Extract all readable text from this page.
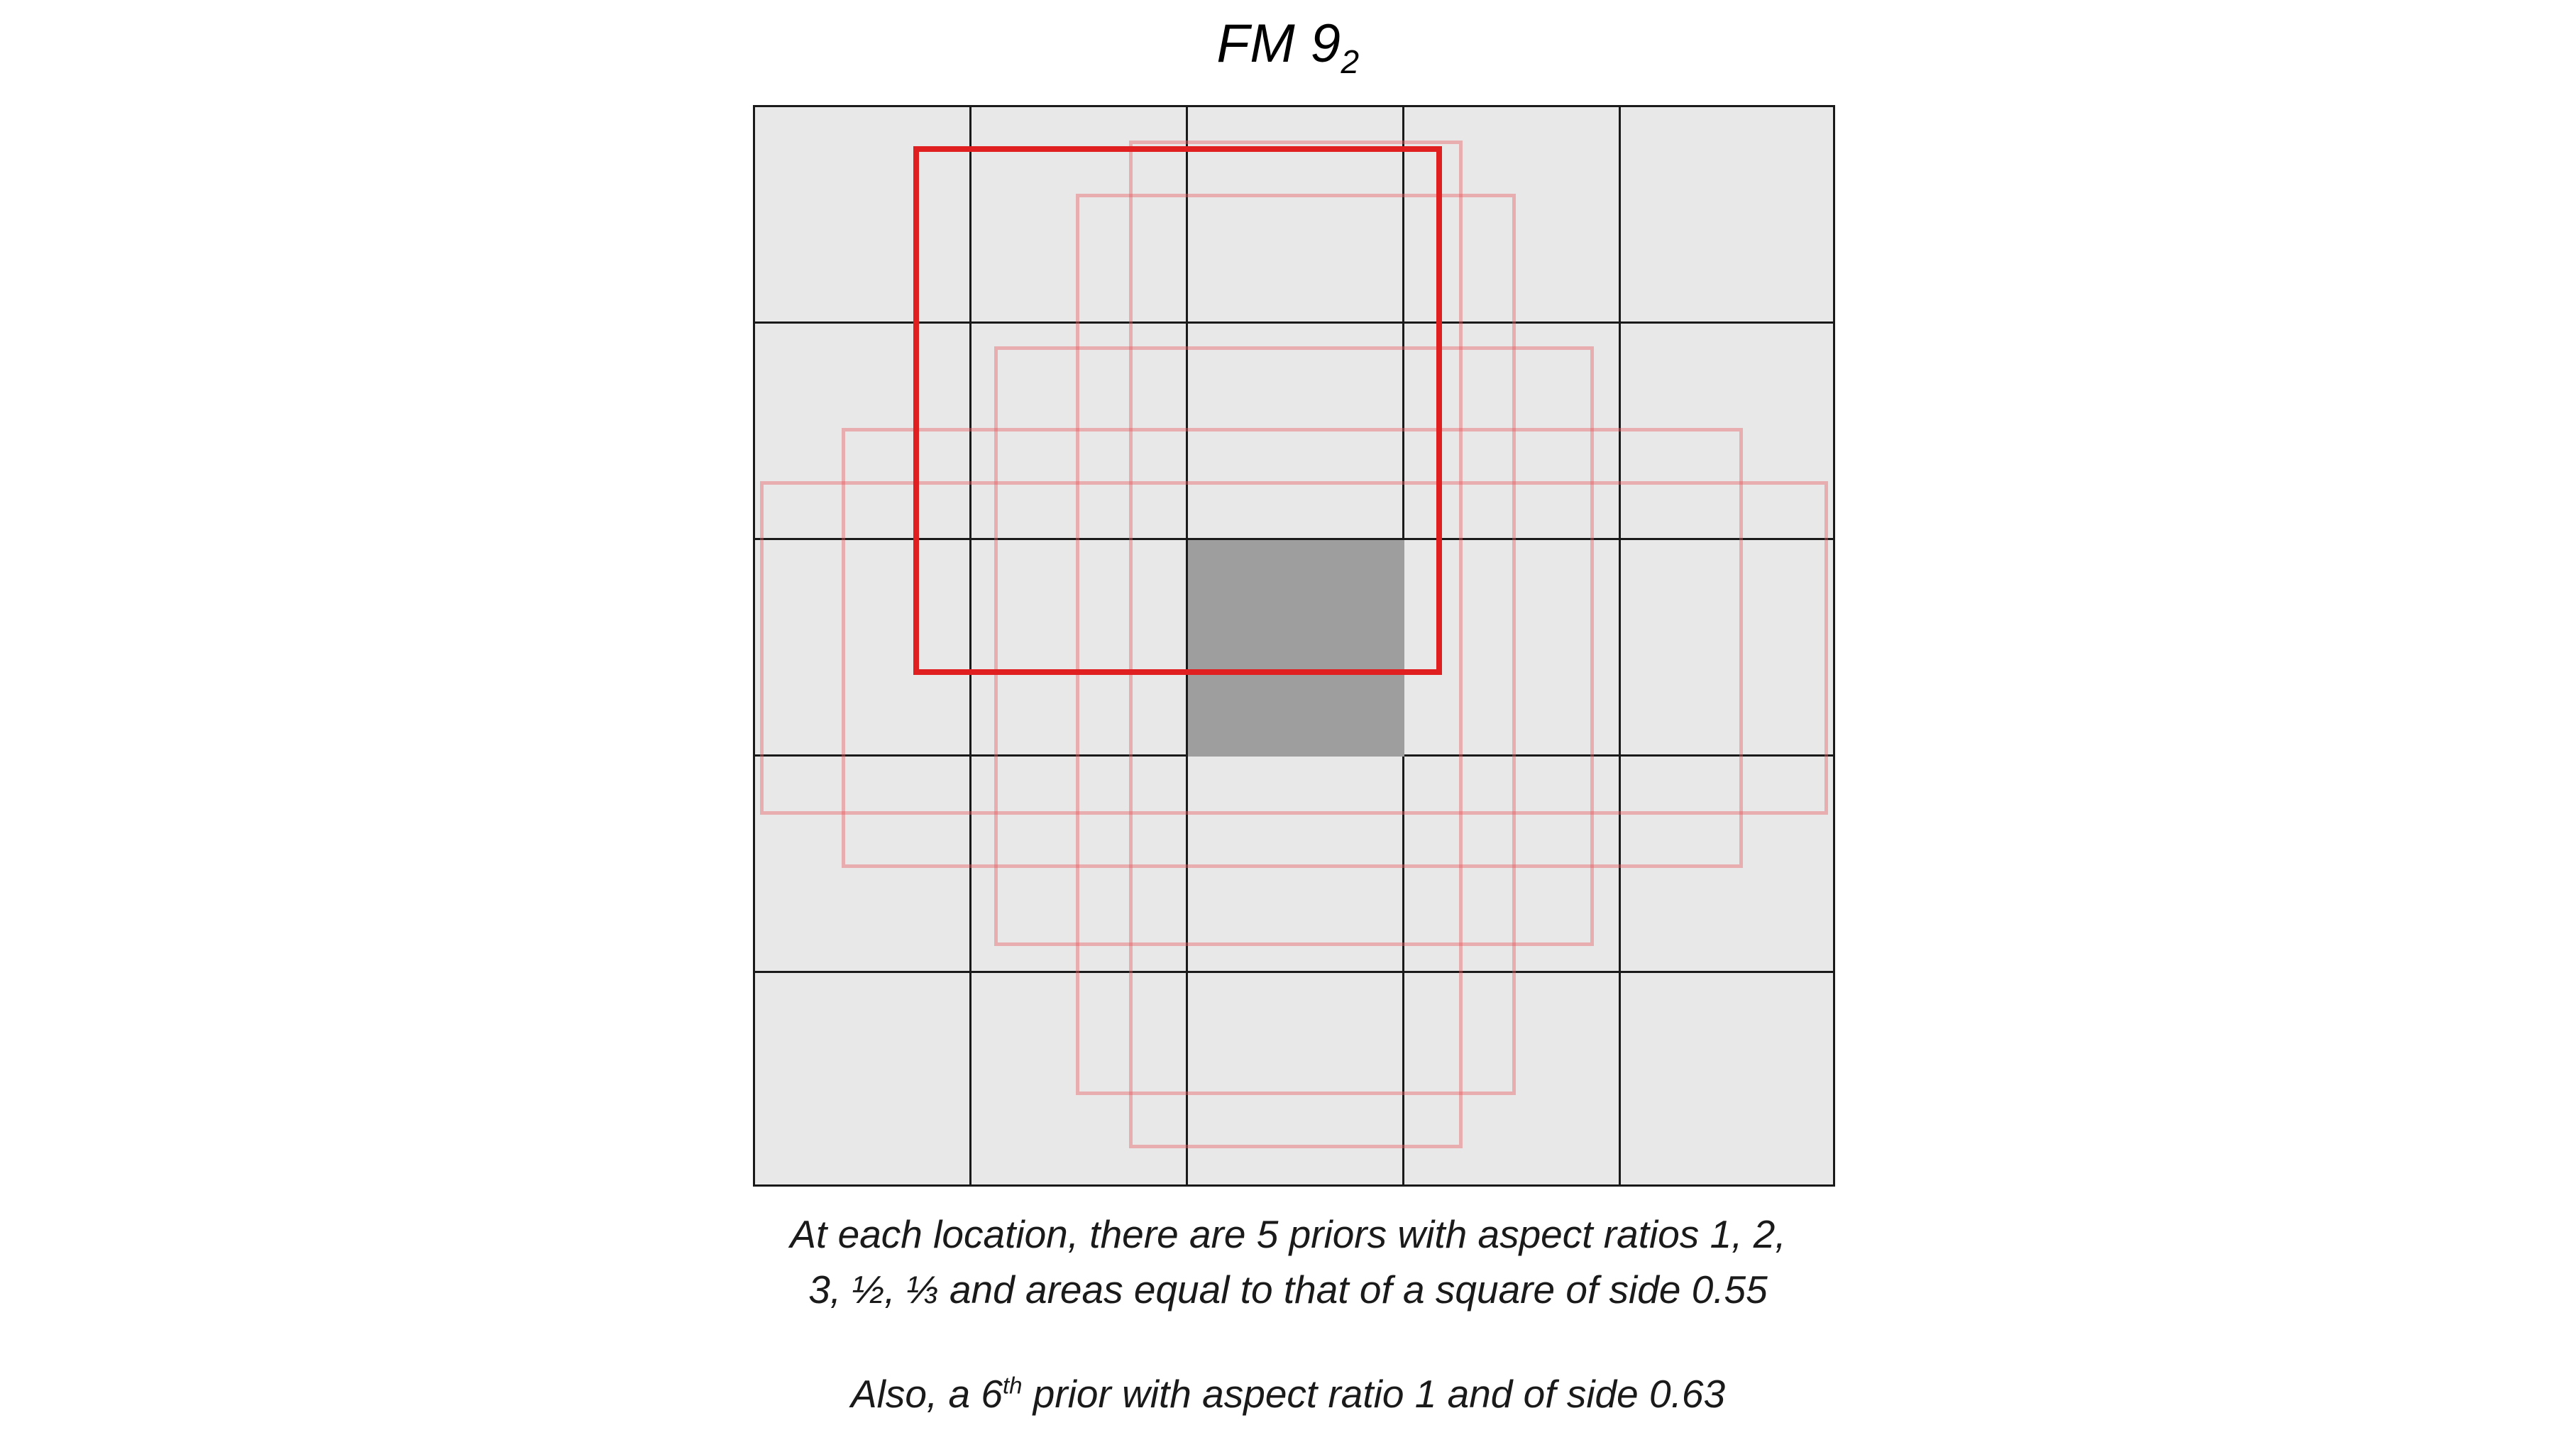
FM $9_2$
At each location, there are 5 priors with aspect ratios 1, 2,
3, ½, ⅓ and areas equal to that of a square of side 0.55
Also, a 6th prior with aspect ratio 1 and of side 0.63
